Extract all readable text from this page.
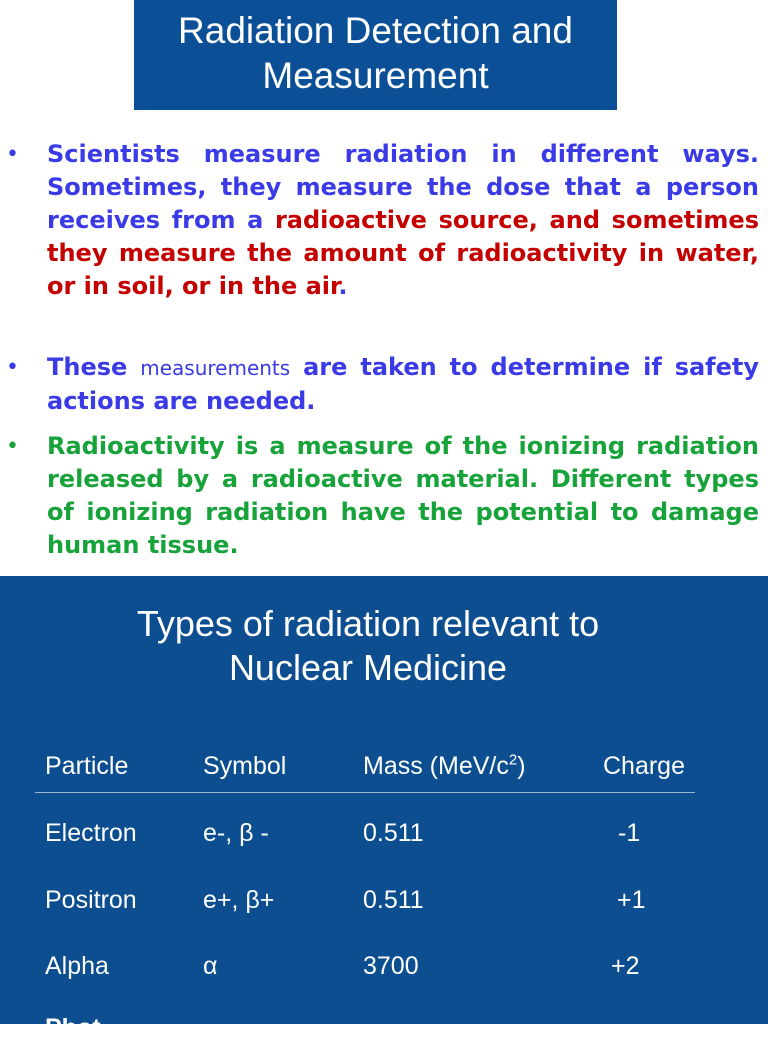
Radiation Detection and
Measurement
• Scientists measure radiation in different ways. Sometimes, they measure the dose that a person receives from a radioactive source, and sometimes they measure the amount of radioactivity in water, or in soil, or in the air.
• These measurements are taken to determine if safety actions are needed.
• Radioactivity is a measure of the ionizing radiation released by a radioactive material. Different types of ionizing radiation have the potential to damage human tissue.
Types of radiation relevant to
Nuclear Medicine
Particle	Symbol	Mass $(MeV/c^2)$	Charge
Electron	e-, β -	0.511	-1
Positron	e+, β+	0.511	+1
Alpha	α	3700	+2
Phot
